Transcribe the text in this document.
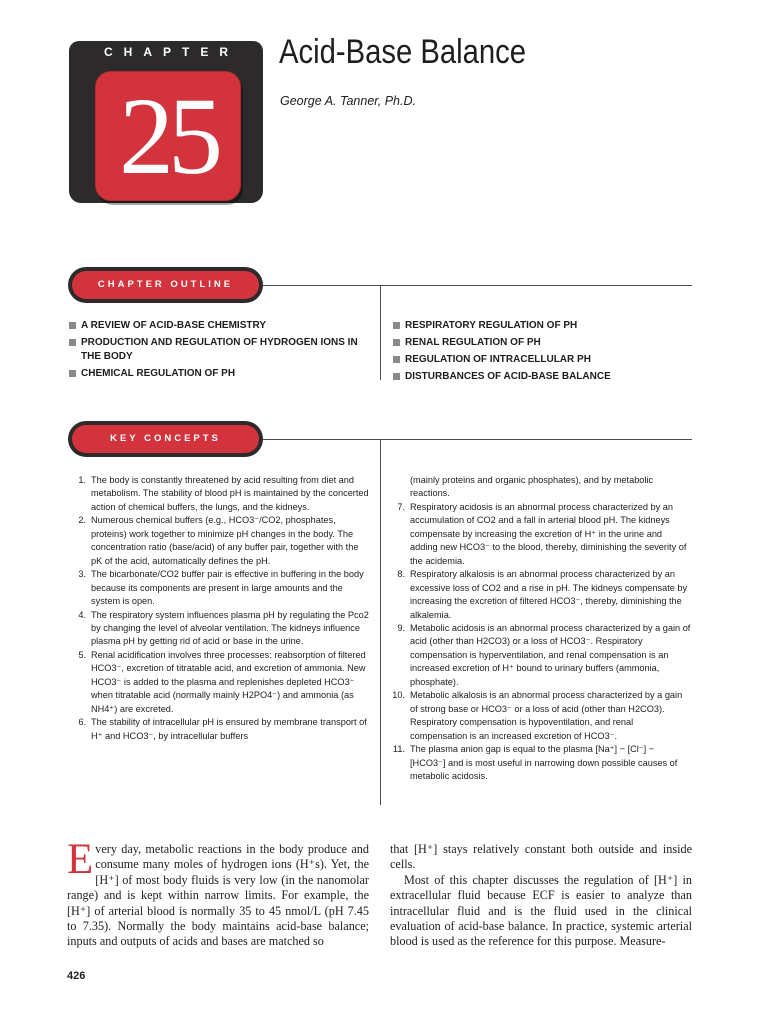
CHAPTER
25
Acid-Base Balance
George A. Tanner, Ph.D.
CHAPTER OUTLINE
A REVIEW OF ACID-BASE CHEMISTRY
PRODUCTION AND REGULATION OF HYDROGEN IONS IN THE BODY
CHEMICAL REGULATION OF PH
RESPIRATORY REGULATION OF PH
RENAL REGULATION OF PH
REGULATION OF INTRACELLULAR PH
DISTURBANCES OF ACID-BASE BALANCE
KEY CONCEPTS
1. The body is constantly threatened by acid resulting from diet and metabolism. The stability of blood pH is maintained by the concerted action of chemical buffers, the lungs, and the kidneys.
2. Numerous chemical buffers (e.g., HCO3⁻/CO2, phosphates, proteins) work together to minimize pH changes in the body. The concentration ratio (base/acid) of any buffer pair, together with the pK of the acid, automatically defines the pH.
3. The bicarbonate/CO2 buffer pair is effective in buffering in the body because its components are present in large amounts and the system is open.
4. The respiratory system influences plasma pH by regulating the Pco2 by changing the level of alveolar ventilation. The kidneys influence plasma pH by getting rid of acid or base in the urine.
5. Renal acidification involves three processes: reabsorption of filtered HCO3⁻, excretion of titratable acid, and excretion of ammonia. New HCO3⁻ is added to the plasma and replenishes depleted HCO3⁻ when titratable acid (normally mainly H2PO4⁻) and ammonia (as NH4⁺) are excreted.
6. The stability of intracellular pH is ensured by membrane transport of H⁺ and HCO3⁻, by intracellular buffers
(mainly proteins and organic phosphates), and by metabolic reactions.
7. Respiratory acidosis is an abnormal process characterized by an accumulation of CO2 and a fall in arterial blood pH. The kidneys compensate by increasing the excretion of H⁺ in the urine and adding new HCO3⁻ to the blood, thereby, diminishing the severity of the acidemia.
8. Respiratory alkalosis is an abnormal process characterized by an excessive loss of CO2 and a rise in pH. The kidneys compensate by increasing the excretion of filtered HCO3⁻, thereby, diminishing the alkalemia.
9. Metabolic acidosis is an abnormal process characterized by a gain of acid (other than H2CO3) or a loss of HCO3⁻. Respiratory compensation is hyperventilation, and renal compensation is an increased excretion of H⁺ bound to urinary buffers (ammonia, phosphate).
10. Metabolic alkalosis is an abnormal process characterized by a gain of strong base or HCO3⁻ or a loss of acid (other than H2CO3). Respiratory compensation is hypoventilation, and renal compensation is an increased excretion of HCO3⁻.
11. The plasma anion gap is equal to the plasma [Na⁺] − [Cl⁻] − [HCO3⁻] and is most useful in narrowing down possible causes of metabolic acidosis.

Every day, metabolic reactions in the body produce and consume many moles of hydrogen ions (H⁺s). Yet, the [H⁺] of most body fluids is very low (in the nanomolar range) and is kept within narrow limits. For example, the [H⁺] of arterial blood is normally 35 to 45 nmol/L (pH 7.45 to 7.35). Normally the body maintains acid-base balance; inputs and outputs of acids and bases are matched so

that [H⁺] stays relatively constant both outside and inside cells.

Most of this chapter discusses the regulation of [H⁺] in extracellular fluid because ECF is easier to analyze than intracellular fluid and is the fluid used in the clinical evaluation of acid-base balance. In practice, systemic arterial blood is used as the reference for this purpose. Measure-

426
